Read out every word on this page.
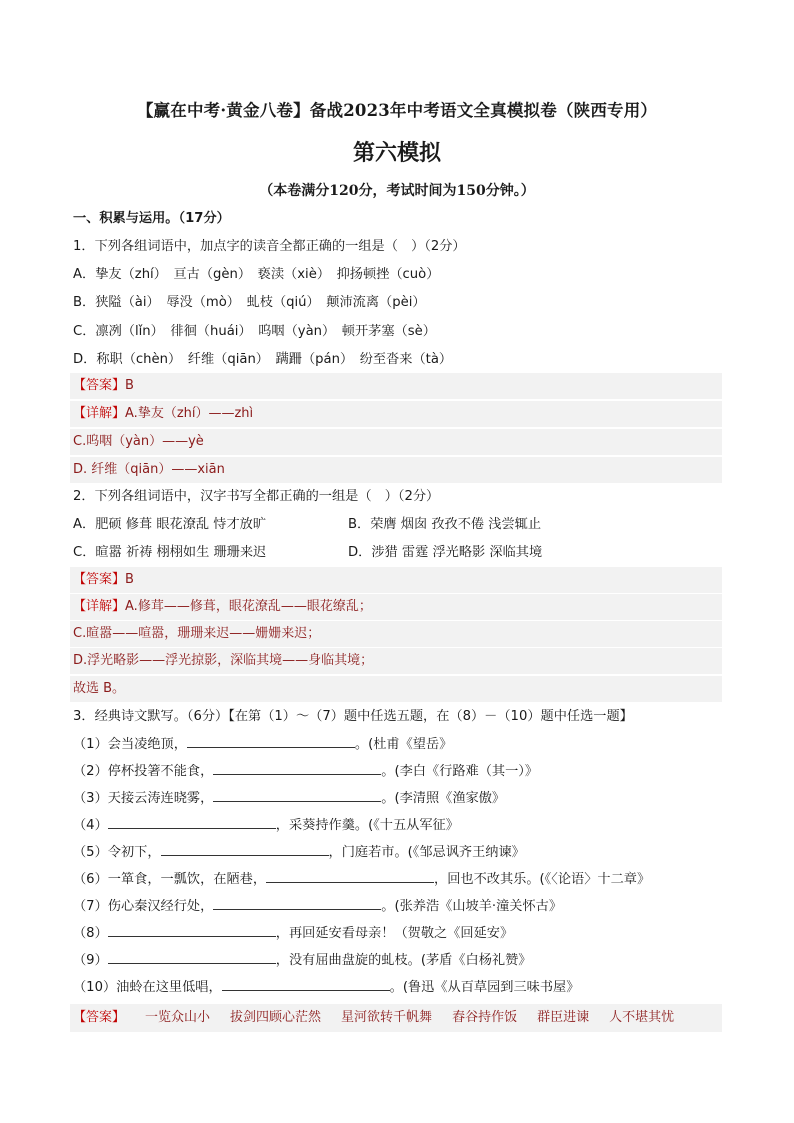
【赢在中考·黄金八卷】备战2023年中考语文全真模拟卷（陕西专用）
第六模拟
（本卷满分120分，考试时间为150分钟。）
一、积累与运用。（17分）
1．下列各组词语中，加点字的读音全都正确的一组是（　）（2分）
A．挚友（zhí）　亘古（gèn）　亵渎（xiè）　抑扬顿挫（cuò）
B．狭隘（ài）　辱没（mò）　虬枝（qiú）　颠沛流离（pèi）
C．凛冽（lǐn）　徘徊（huái）　呜咽（yàn）　顿开茅塞（sè）
D．称职（chèn）　纤维（qiān）　蹒跚（pán）　纷至沓来（tà）
【答案】B
【详解】A.挚友（zhí）——zhì
C.呜咽（yàn）——yè
D. 纤维（qiān）——xiān
2．下列各组词语中，汉字书写全都正确的一组是（　）（2分）
A．肥硕 修葺 眼花潦乱 恃才放旷	B．荣膺 烟囱 孜孜不倦 浅尝辄止
C．暄嚣 祈祷 栩栩如生 珊珊来迟	D．涉猎 雷霆 浮光略影 深临其境
【答案】B
【详解】A.修茸——修葺，眼花潦乱——眼花缭乱；
C.暄嚣——喧嚣，珊珊来迟——姗姗来迟；
D.浮光略影——浮光掠影，深临其境——身临其境；
故选 B。
3．经典诗文默写。（6分）【在第（1）～（7）题中任选五题，在（8）－（10）题中任选一题】
（1）会当凌绝顶，	。(杜甫《望岳》
（2）停杯投箸不能食，	。(李白《行路难（其一）》
（3）天接云涛连晓雾，	。(李清照《渔家傲》
（4）	，采葵持作羹。(《十五从军征》
（5）令初下，	，门庭若市。(《邹忌讽齐王纳谏》
（6）一箪食，一瓢饮，在陋巷，	，回也不改其乐。(《〈论语〉十二章》
（7）伤心秦汉经行处，	。(张养浩《山坡羊·潼关怀古》
（8）	，再回延安看母亲！（贺敬之《回延安》
（9）	，没有屈曲盘旋的虬枝。(茅盾《白杨礼赞》
（10）油蛉在这里低唱，	。(鲁迅《从百草园到三味书屋》
【答案】 一览众山小 拔剑四顾心茫然 星河欲转千帆舞 舂谷持作饭 群臣进谏 人不堪其忧
